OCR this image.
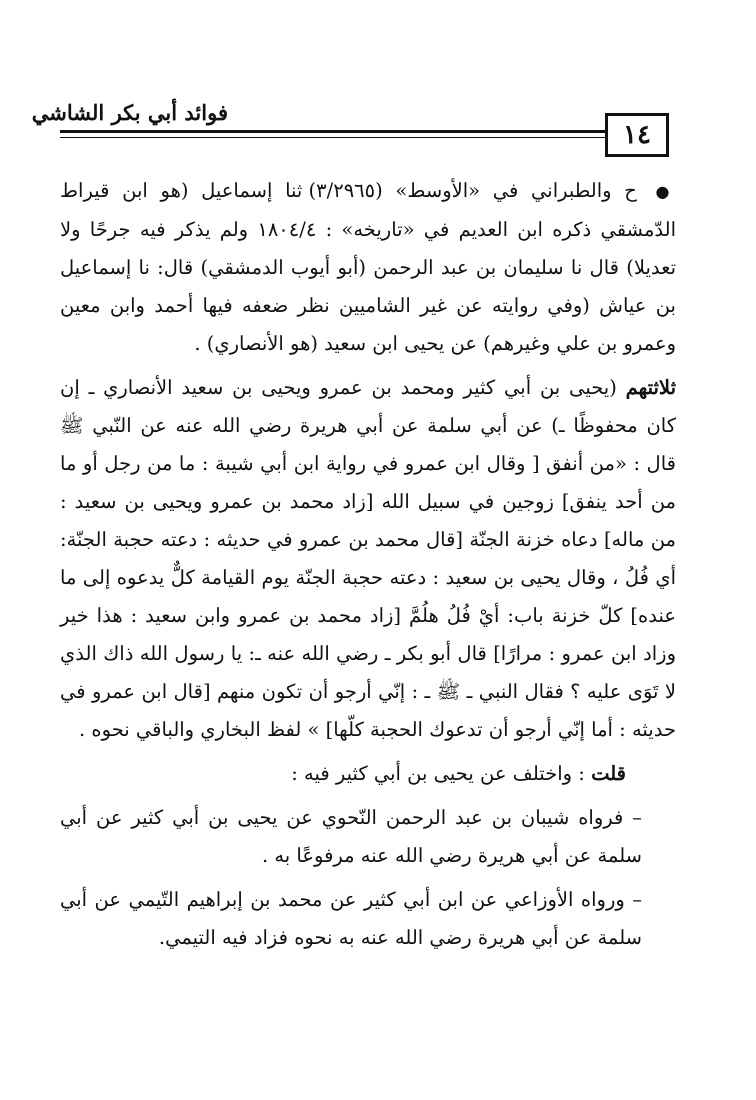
فوائد أبي بكر الشاشي
١٤

● ح والطبراني في «الأوسط» (٣/٢٩٦٥) ثنا إسماعيل (هو ابن قيراط الدّمشقي ذكره ابن العديم في «تاريخه» : ١٨٠٤/٤ ولم يذكر فيه جرحًا ولا تعديلا) قال نا سليمان بن عبد الرحمن (أبو أيوب الدمشقي) قال: نا إسماعيل بن عياش (وفي روايته عن غير الشاميين نظر ضعفه فيها أحمد وابن معين وعمرو بن علي وغيرهم) عن يحيى ابن سعيد (هو الأنصاري) .

ثلاثتهم (يحيى بن أبي كثير ومحمد بن عمرو ويحيى بن سعيد الأنصاري ـ إن كان محفوظًا ـ) عن أبي سلمة عن أبي هريرة رضي الله عنه عن النّبي ﷺ قال : «من أنفق [ وقال ابن عمرو في رواية ابن أبي شيبة : ما من رجل أو ما من أحد ينفق] زوجين في سبيل الله [زاد محمد بن عمرو ويحيى بن سعيد : من ماله] دعاه خزنة الجنّة [قال محمد بن عمرو في حديثه : دعته حجبة الجنّة: أي فُلُ ، وقال يحيى بن سعيد : دعته حجبة الجنّة يوم القيامة كلٌّ يدعوه إلى ما عنده] كلّ خزنة باب: أيْ فُلُ هلُمَّ [زاد محمد بن عمرو وابن سعيد : هذا خير وزاد ابن عمرو : مرارًا] قال أبو بكر ـ رضي الله عنه ـ: يا رسول الله ذاك الذي لا تَوَى عليه ؟ فقال النبي ـ ﷺ ـ : إنّي أرجو أن تكون منهم [قال ابن عمرو في حديثه : أما إنّي أرجو أن تدعوك الحجبة كلّها] » لفظ البخاري والباقي نحوه .

قلت : واختلف عن يحيى بن أبي كثير فيه :

– فرواه شيبان بن عبد الرحمن النّحوي عن يحيى بن أبي كثير عن أبي سلمة عن أبي هريرة رضي الله عنه مرفوعًا به .

– ورواه الأوزاعي عن ابن أبي كثير عن محمد بن إبراهيم التّيمي عن أبي سلمة عن أبي هريرة رضي الله عنه به نحوه فزاد فيه التيمي.
